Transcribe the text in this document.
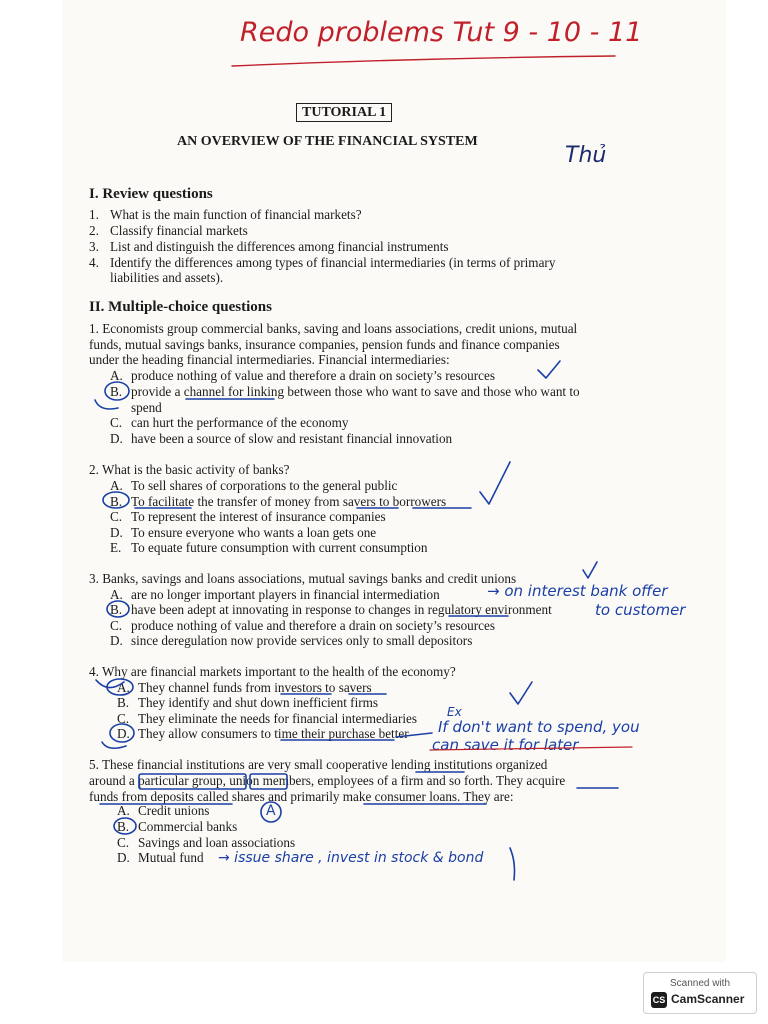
Redo problems Tut 9 - 10 - 11
TUTORIAL 1
AN OVERVIEW OF THE FINANCIAL SYSTEM
Thủ
I. Review questions
1. What is the main function of financial markets?
2. Classify financial markets
3. List and distinguish the differences among financial instruments
4. Identify the differences among types of financial intermediaries (in terms of primary
liabilities and assets).
II. Multiple-choice questions
1. Economists group commercial banks, saving and loans associations, credit unions, mutual
funds, mutual savings banks, insurance companies, pension funds and finance companies
under the heading financial intermediaries. Financial intermediaries:
A. produce nothing of value and therefore a drain on society’s resources
B. provide a channel for linking between those who want to save and those who want to
spend
C. can hurt the performance of the economy
D. have been a source of slow and resistant financial innovation
2. What is the basic activity of banks?
A. To sell shares of corporations to the general public
B. To facilitate the transfer of money from savers to borrowers
C. To represent the interest of insurance companies
D. To ensure everyone who wants a loan gets one
E. To equate future consumption with current consumption
3. Banks, savings and loans associations, mutual savings banks and credit unions
A. are no longer important players in financial intermediation
B. have been adept at innovating in response to changes in regulatory environment
C. produce nothing of value and therefore a drain on society’s resources
D. since deregulation now provide services only to small depositors
→ on interest bank offer
to customer
4. Why are financial markets important to the health of the economy?
A. They channel funds from investors to savers
B. They identify and shut down inefficient firms
C. They eliminate the needs for financial intermediaries
D. They allow consumers to time their purchase better
Ex
If don't want to spend, you
can save it for later
5. These financial institutions are very small cooperative lending institutions organized
around a particular group, union members, employees of a firm and so forth. They acquire
funds from deposits called shares and primarily make consumer loans. They are:
A. Credit unions
B. Commercial banks
C. Savings and loan associations
D. Mutual fund
A
→ issue share , invest in stock & bond
Scanned with
CS CamScanner
